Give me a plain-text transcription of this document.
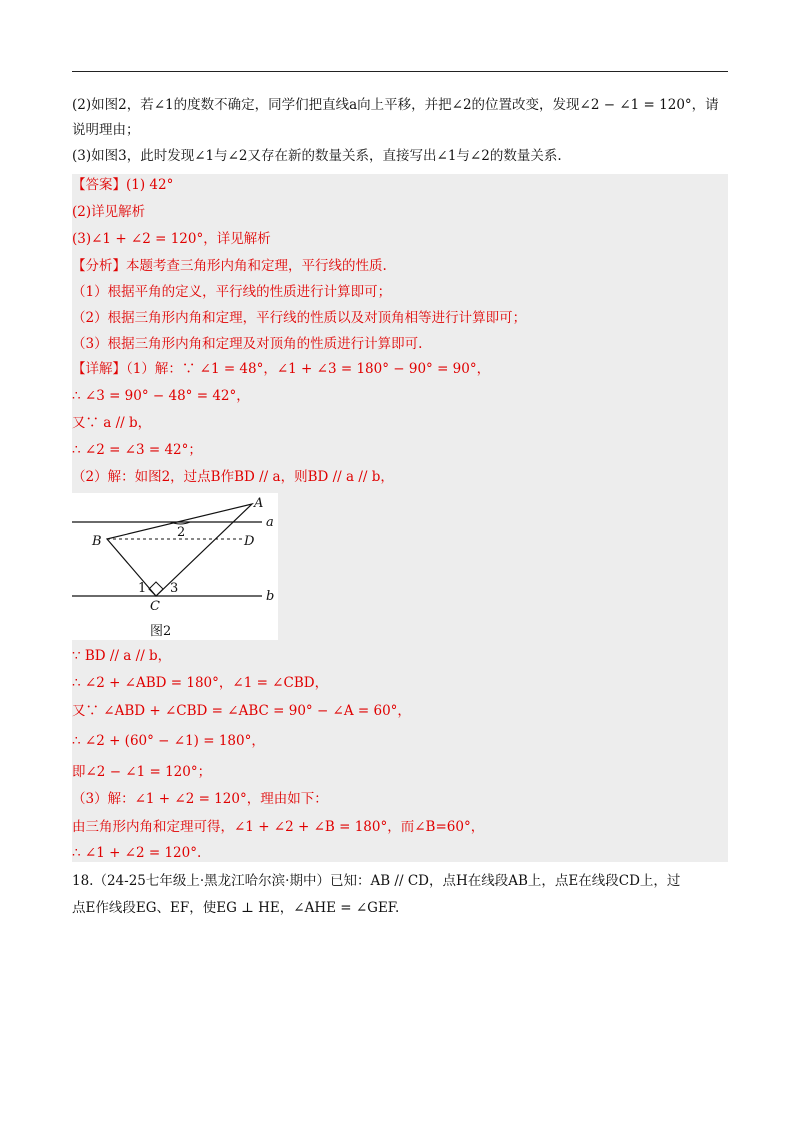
(2)如图2，若∠1的度数不确定，同学们把直线a向上平移，并把∠2的位置改变，发现∠2 − ∠1 = 120°，请
说明理由；
(3)如图3，此时发现∠1与∠2又存在新的数量关系，直接写出∠1与∠2的数量关系.
【答案】(1) 42°
(2)详见解析
(3)∠1 + ∠2 = 120°，详见解析
【分析】本题考查三角形内角和定理，平行线的性质.
（1）根据平角的定义，平行线的性质进行计算即可；
（2）根据三角形内角和定理，平行线的性质以及对顶角相等进行计算即可；
（3）根据三角形内角和定理及对顶角的性质进行计算即可.
【详解】（1）解：∵ ∠1 = 48°，∠1 + ∠3 = 180° − 90° = 90°，
∴ ∠3 = 90° − 48° = 42°，
又∵ a // b，
∴ ∠2 = ∠3 = 42°；
（2）解：如图2，过点B作BD // a，则BD // a // b，
A
a
B	D
2
1 3
C
b
图2
∵ BD // a // b，
∴ ∠2 + ∠ABD = 180°，∠1 = ∠CBD，
又∵ ∠ABD + ∠CBD = ∠ABC = 90° − ∠A = 60°，
∴ ∠2 + (60° − ∠1) = 180°，
即∠2 − ∠1 = 120°；
（3）解：∠1 + ∠2 = 120°，理由如下：
由三角形内角和定理可得，∠1 + ∠2 + ∠B = 180°，而∠B=60°，
∴ ∠1 + ∠2 = 120°.
18.（24-25七年级上·黑龙江哈尔滨·期中）已知：AB // CD，点H在线段AB上，点E在线段CD上，过
点E作线段EG、EF，使EG ⊥ HE，∠AHE = ∠GEF.
